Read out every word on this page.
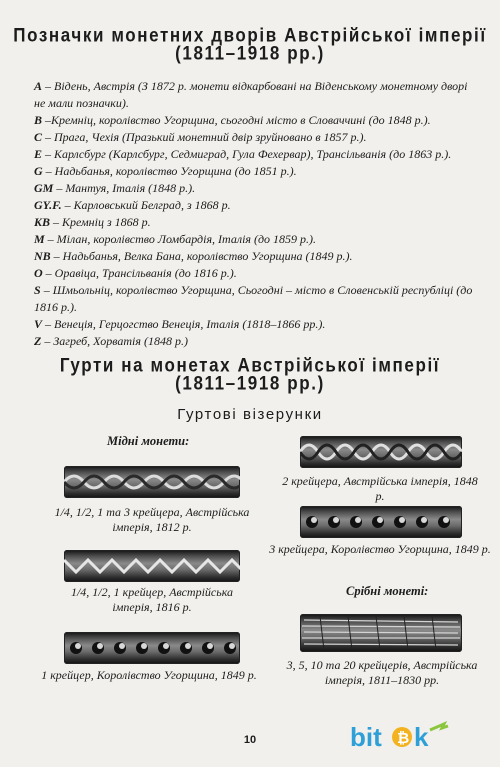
Позначки монетних дворів Австрійської імперії
(1811–1918 рр.)
A – Відень, Австрія (З 1872 р. монети відкарбовані на Віденському монетному дворі не мали позначки).
B –Кремніц, королівство Угорщина, сьогодні місто в Словаччині (до 1848 р.).
C – Прага, Чехія (Празький монетний двір зруйновано в 1857 р.).
E – Карлсбург (Карлсбург, Седмиград, Гула Фехервар), Трансільванія (до 1863 р.).
G – Надьбанья, королівство Угорщина (до 1851 р.).
GM – Мантуя, Італія (1848 р.).
GY.F. – Карловський Белград, з 1868 р.
KB – Кремніц з 1868 р.
M – Мілан, королівство Ломбардія, Італія (до 1859 р.).
NB – Надьбанья, Велка Бана, королівство Угорщина (1849 р.).
O – Оравіца, Трансільванія (до 1816 р.).
S – Шмьольніц, королівство Угорщина, Сьогодні – місто в Словенській республіці (до 1816 р.).
V – Венеція, Герцогство Венеція, Італія (1818–1866 рр.).
Z – Загреб, Хорватія (1848 р.)
Гурти на монетах Австрійської імперії
(1811–1918 рр.)
Гуртові візерунки
Мідні монети:
1/4, 1/2, 1 та 3 крейцера, Австрійська імперія, 1812 р.
1/4, 1/2, 1 крейцер, Австрійська імперія, 1816 р.
1 крейцер, Королівство Угорщина, 1849 р.
2 крейцера, Австрійська імперія, 1848 р.
3 крейцера, Королівство Угорщина, 1849 р.
Срібні монеті:
3, 5, 10 та 20 крейцерів, Австрійська імперія, 1811–1830 рр.
10	bit ₿ k
